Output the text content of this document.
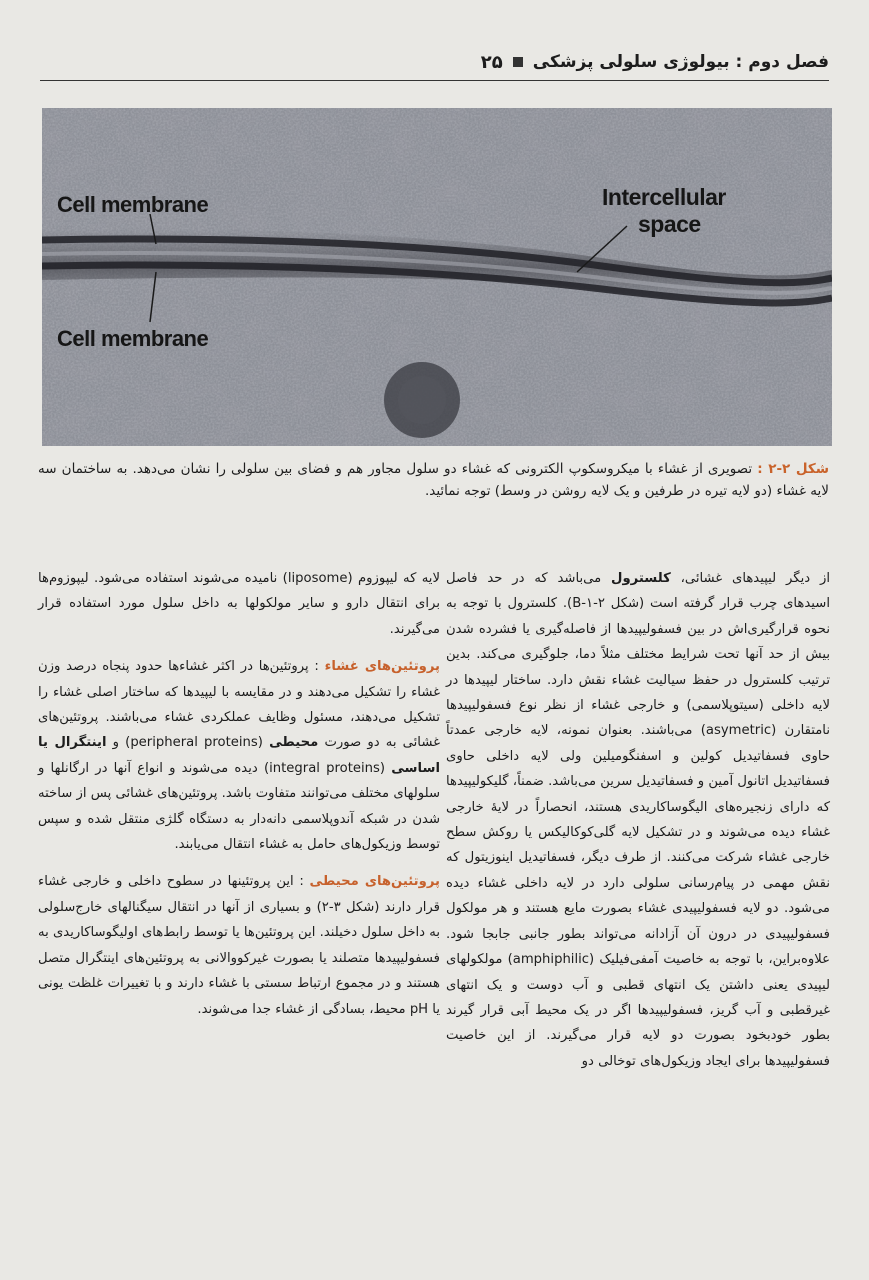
فصل دوم : بیولوژی سلولی پزشکی
۲۵
Cell membrane	Intercellular
space
Cell membrane
شکل ۲-۲ : تصویری از غشاء با میکروسکوپ الکترونی که غشاء دو سلول مجاور هم و فضای بین سلولی را نشان می‌دهد. به ساختمان سه لایه غشاء (دو لایه تیره در طرفین و یک لایه روشن در وسط) توجه نمائید.

از دیگر لیپیدهای غشائی، کلسترول می‌باشد که در حد فاصل اسیدهای چرب قرار گرفته است (شکل B-۱-۲). کلسترول با توجه به نحوه قرارگیری‌اش در بین فسفولیپیدها از فاصله‌گیری یا فشرده شدن بیش از حد آنها تحت شرایط مختلف مثلاً دما، جلوگیری می‌کند. بدین ترتیب کلسترول در حفظ سیالیت غشاء نقش دارد. ساختار لیپیدها در لایه داخلی (سیتوپلاسمی) و خارجی غشاء از نظر نوع فسفولیپیدها نامتقارن (asymetric) می‌باشند. بعنوان نمونه، لایه خارجی عمدتاً حاوی فسفاتیدیل کولین و اسفنگومیلین ولی لایه داخلی حاوی فسفاتیدیل اتانول آمین و فسفاتیدیل سرین می‌باشد. ضمناً، گلیکولیپیدها که دارای زنجیره‌های الیگوساکاریدی هستند، انحصاراً در لایهٔ خارجی غشاء دیده می‌شوند و در تشکیل لایه گلی‌کوکالیکس یا روکش سطح خارجی غشاء شرکت می‌کنند. از طرف دیگر، فسفاتیدیل اینوزیتول که نقش مهمی در پیام‌رسانی سلولی دارد در لایه داخلی غشاء دیده می‌شود. دو لایه فسفولیپیدی غشاء بصورت مایع هستند و هر مولکول فسفولیپیدی در درون آن آزادانه می‌تواند بطور جانبی جابجا شود. علاوه‌براین، با توجه به خاصیت آمفی‌فیلیک (amphiphilic) مولکولهای لیپیدی یعنی داشتن یک انتهای قطبی و آب دوست و یک انتهای غیرقطبی و آب گریز، فسفولیپیدها اگر در یک محیط آبی قرار گیرند بطور خودبخود بصورت دو لایه قرار می‌گیرند. از این خاصیت فسفولیپیدها برای ایجاد وزیکول‌های توخالی دو

لایه که لیپوزوم (liposome) نامیده می‌شوند استفاده می‌شود. لیپوزوم‌ها برای انتقال دارو و سایر مولکولها به داخل سلول مورد استفاده قرار می‌گیرند.

پروتئین‌های غشاء : پروتئین‌ها در اکثر غشاءها حدود پنجاه درصد وزن غشاء را تشکیل می‌دهند و در مقایسه با لیپیدها که ساختار اصلی غشاء را تشکیل می‌دهند، مسئول وظایف عملکردی غشاء می‌باشند. پروتئین‌های غشائی به دو صورت محیطی (peripheral proteins) و اینتگرال یا اساسی (integral proteins) دیده می‌شوند و انواع آنها در ارگانلها و سلولهای مختلف می‌توانند متفاوت باشد. پروتئین‌های غشائی پس از ساخته شدن در شبکه آندوپلاسمی دانه‌دار به دستگاه گلژی منتقل شده و سپس توسط وزیکول‌های حامل به غشاء انتقال می‌یابند.

پروتئین‌های محیطی : این پروتئینها در سطوح داخلی و خارجی غشاء قرار دارند (شکل ۳-۲) و بسیاری از آنها در انتقال سیگنالهای خارج‌سلولی به داخل سلول دخیلند. این پروتئین‌ها یا توسط رابط‌های اولیگوساکاریدی به فسفولیپیدها متصلند یا بصورت غیرکووالانی به پروتئین‌های اینتگرال متصل هستند و در مجموع ارتباط سستی با غشاء دارند و با تغییرات غلظت یونی یا pH محیط، بسادگی از غشاء جدا می‌شوند.
